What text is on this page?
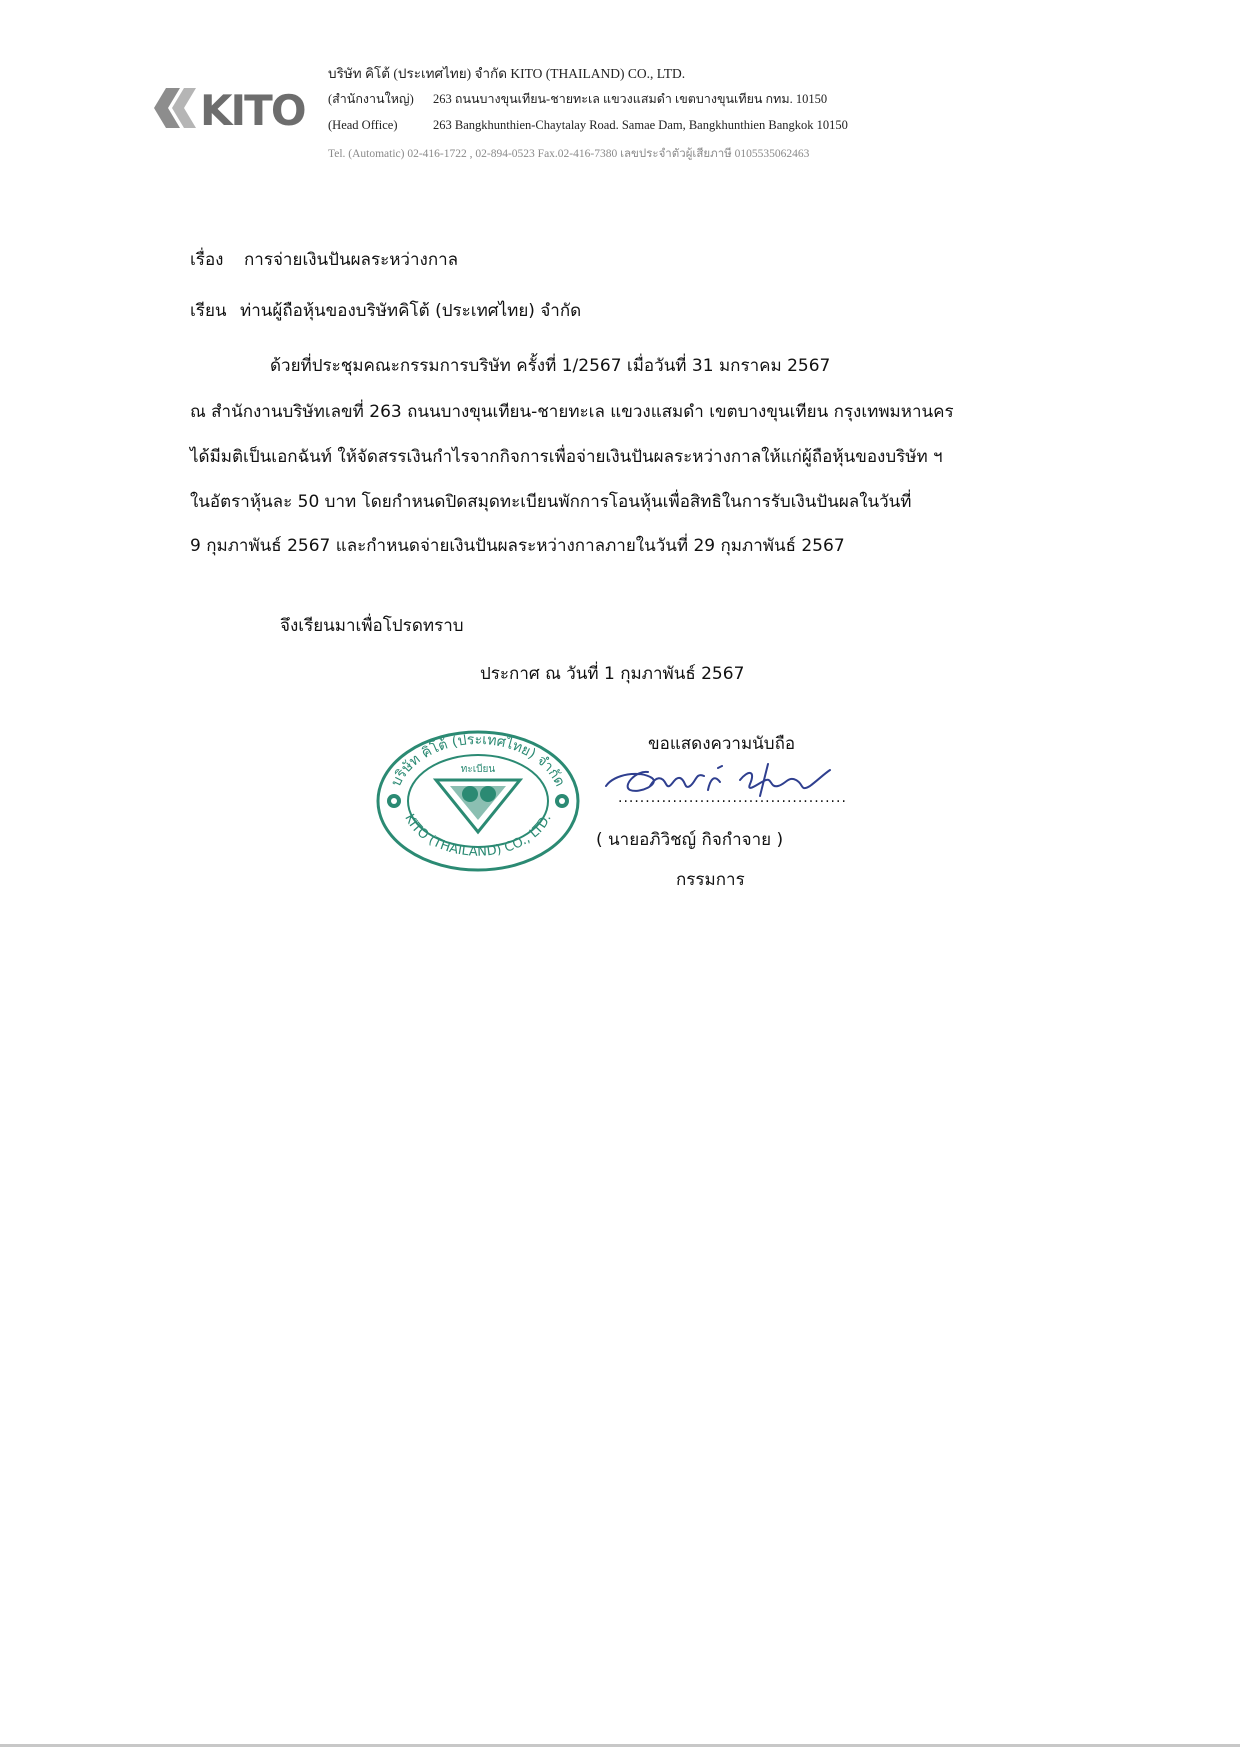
KITO
บริษัท คิโต้ (ประเทศไทย) จำกัด KITO (THAILAND) CO., LTD.
(สำนักงานใหญ่) 263 ถนนบางขุนเทียน-ชายทะเล แขวงแสมดำ เขตบางขุนเทียน กทม. 10150
(Head Office)	263 Bangkhunthien-Chaytalay Road. Samae Dam, Bangkhunthien Bangkok 10150
Tel. (Automatic) 02-416-1722 , 02-894-0523 Fax.02-416-7380 เลขประจำตัวผู้เสียภาษี 0105535062463
เรื่อง การจ่ายเงินปันผลระหว่างกาล
เรียน ท่านผู้ถือหุ้นของบริษัทคิโต้ (ประเทศไทย) จำกัด
ด้วยที่ประชุมคณะกรรมการบริษัท ครั้งที่ 1/2567 เมื่อวันที่ 31 มกราคม 2567
ณ สำนักงานบริษัทเลขที่ 263 ถนนบางขุนเทียน-ชายทะเล แขวงแสมดำ เขตบางขุนเทียน กรุงเทพมหานคร
ได้มีมติเป็นเอกฉันท์ ให้จัดสรรเงินกำไรจากกิจการเพื่อจ่ายเงินปันผลระหว่างกาลให้แก่ผู้ถือหุ้นของบริษัท ฯ
ในอัตราหุ้นละ 50 บาท โดยกำหนดปิดสมุดทะเบียนพักการโอนหุ้นเพื่อสิทธิในการรับเงินปันผลในวันที่
9 กุมภาพันธ์ 2567 และกำหนดจ่ายเงินปันผลระหว่างกาลภายในวันที่ 29 กุมภาพันธ์ 2567
จึงเรียนมาเพื่อโปรดทราบ
ประกาศ ณ วันที่ 1 กุมภาพันธ์ 2567
บริษัท คิโต้ (ประเทศไทย) จำกัด
KITO (THAILAND) CO., LTD.
ทะเบียน
ขอแสดงความนับถือ
..........................................
( นายอภิวิชญ์ กิจกำจาย )
กรรมการ
